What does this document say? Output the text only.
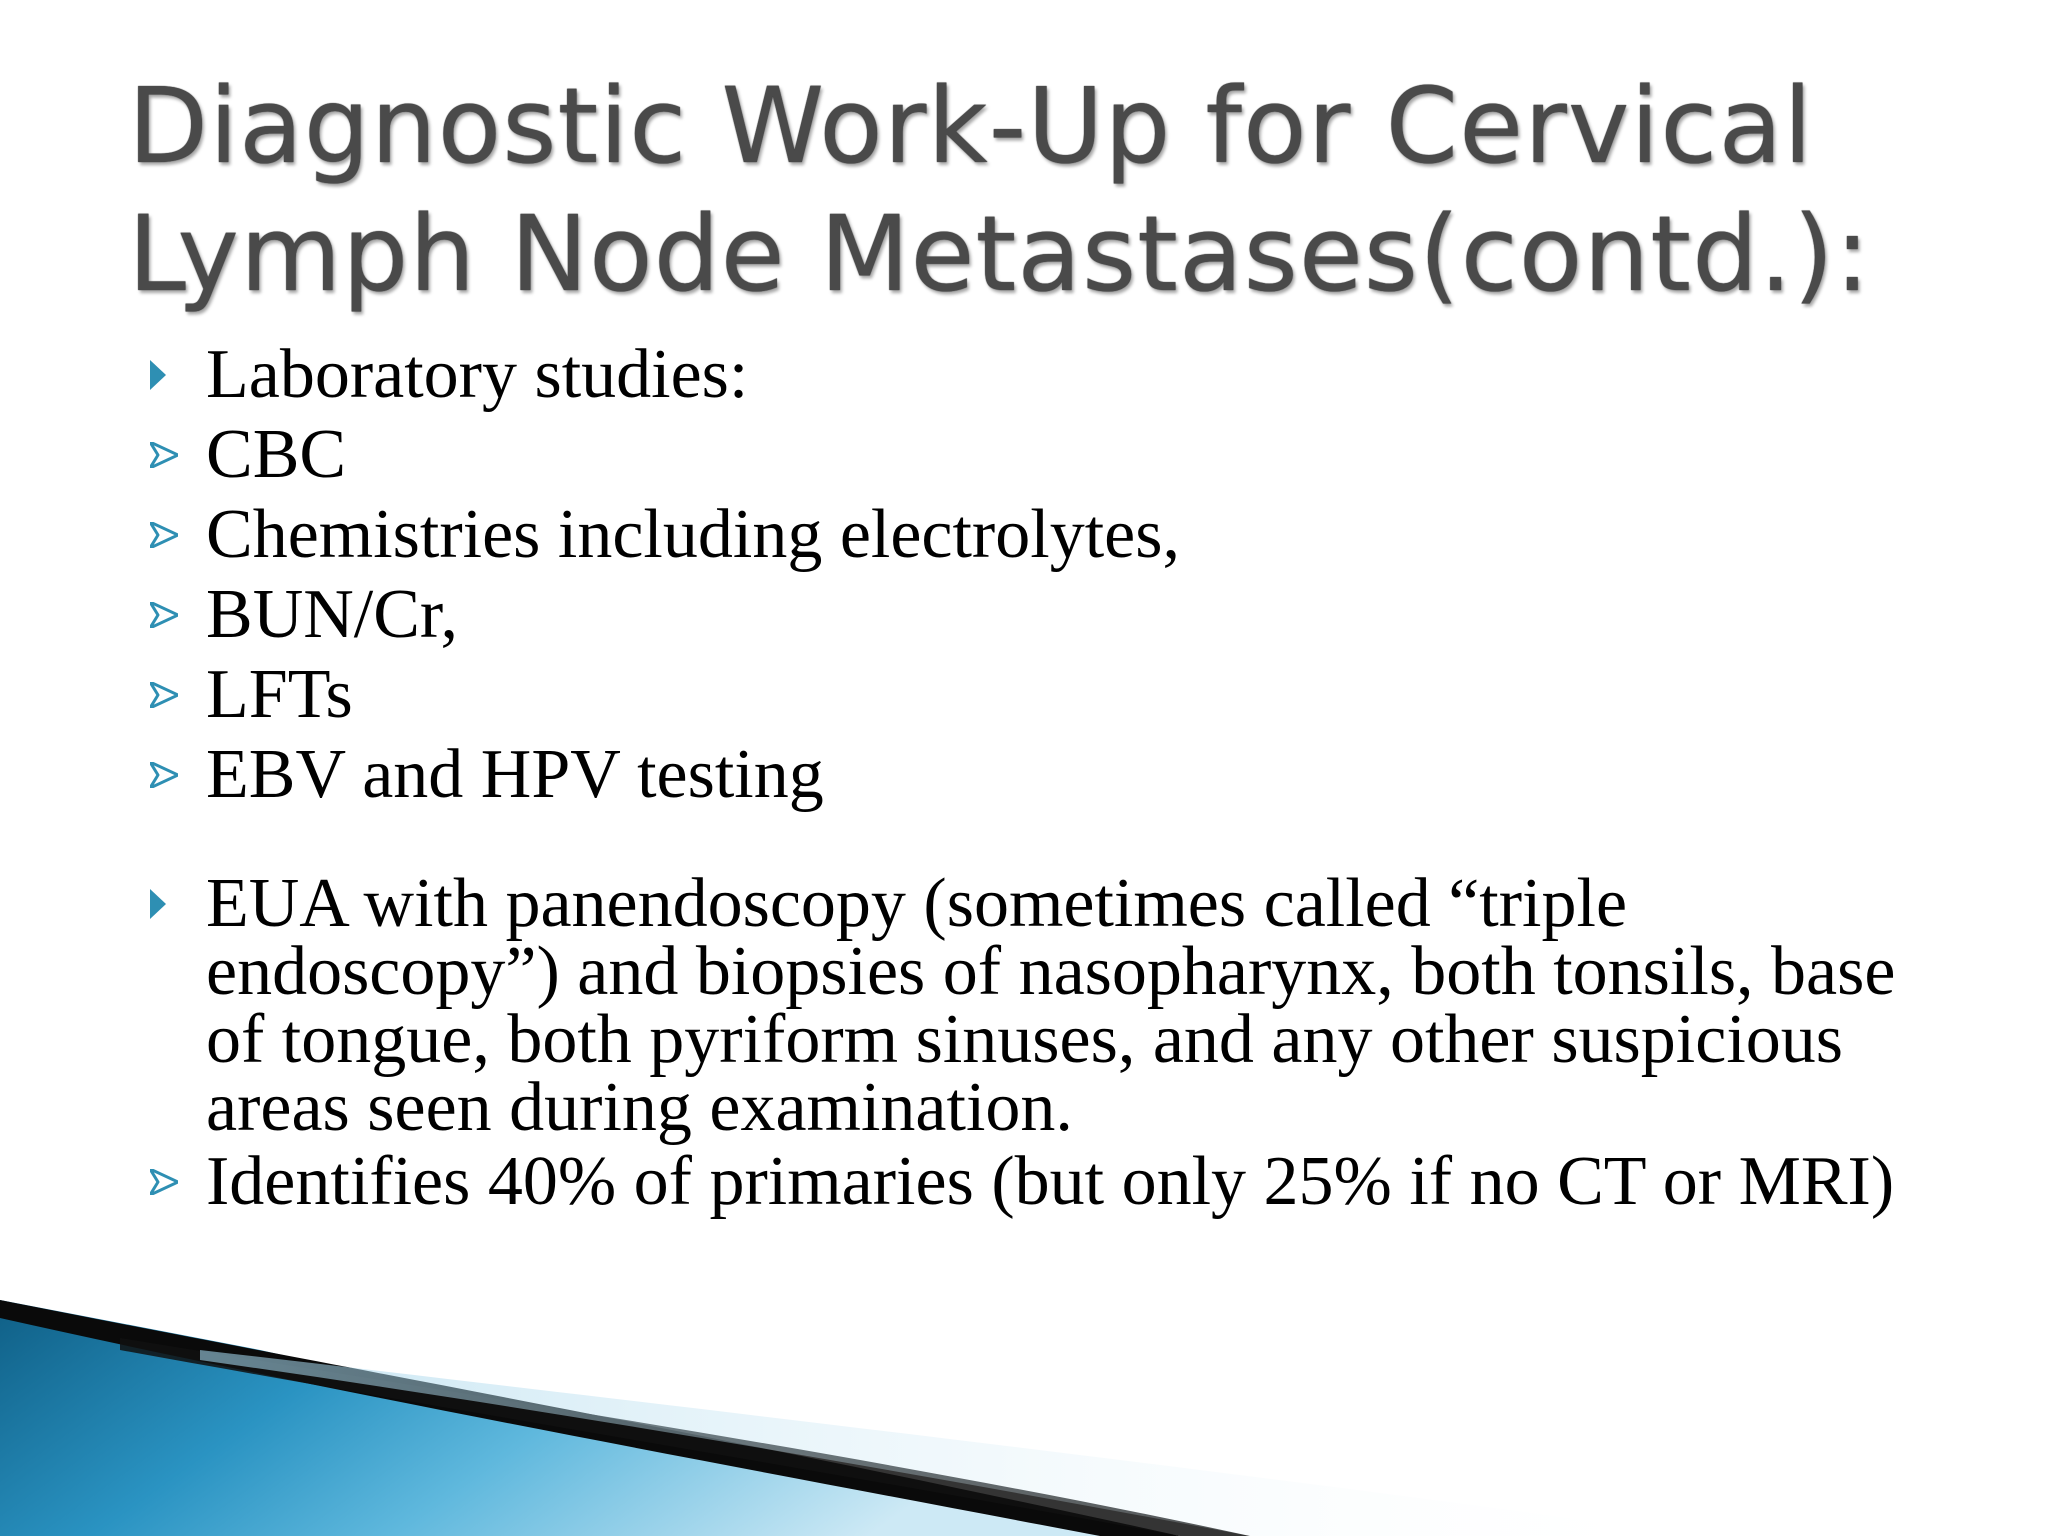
Diagnostic Work-Up for Cervical
Lymph Node Metastases(contd.):
Laboratory studies:
CBC
Chemistries including electrolytes,
BUN/Cr,
LFTs
EBV and HPV testing
EUA with panendoscopy (sometimes called “triple endoscopy”) and biopsies of nasopharynx, both tonsils, base of tongue, both pyriform sinuses, and any other suspicious areas seen during examination.
Identifies 40% of primaries (but only 25% if no CT or MRI)
